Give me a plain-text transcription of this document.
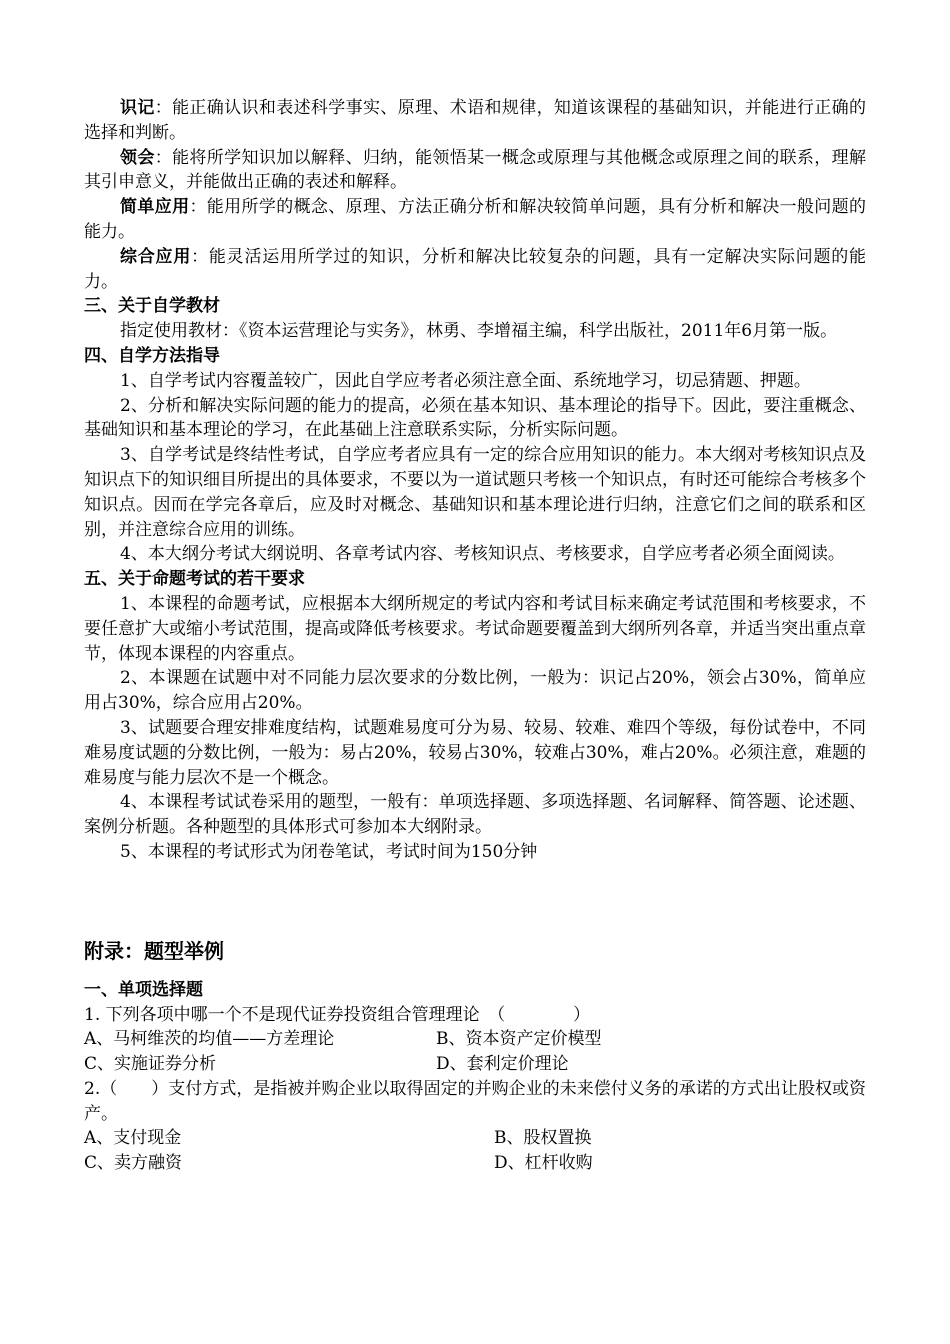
识记：能正确认识和表述科学事实、原理、术语和规律，知道该课程的基础知识，并能进行正确的选择和判断。
领会：能将所学知识加以解释、归纳，能领悟某一概念或原理与其他概念或原理之间的联系，理解其引申意义，并能做出正确的表述和解释。
简单应用：能用所学的概念、原理、方法正确分析和解决较简单问题，具有分析和解决一般问题的能力。
综合应用：能灵活运用所学过的知识，分析和解决比较复杂的问题，具有一定解决实际问题的能力。
三、关于自学教材
指定使用教材：《资本运营理论与实务》，林勇、李增福主编，科学出版社，2011年6月第一版。
四、自学方法指导
1、自学考试内容覆盖较广，因此自学应考者必须注意全面、系统地学习，切忌猜题、押题。
2、分析和解决实际问题的能力的提高，必须在基本知识、基本理论的指导下。因此，要注重概念、基础知识和基本理论的学习，在此基础上注意联系实际，分析实际问题。
3、自学考试是终结性考试，自学应考者应具有一定的综合应用知识的能力。本大纲对考核知识点及知识点下的知识细目所提出的具体要求，不要以为一道试题只考核一个知识点，有时还可能综合考核多个知识点。因而在学完各章后，应及时对概念、基础知识和基本理论进行归纳，注意它们之间的联系和区别，并注意综合应用的训练。
4、本大纲分考试大纲说明、各章考试内容、考核知识点、考核要求，自学应考者必须全面阅读。
五、关于命题考试的若干要求
1、本课程的命题考试，应根据本大纲所规定的考试内容和考试目标来确定考试范围和考核要求，不要任意扩大或缩小考试范围，提高或降低考核要求。考试命题要覆盖到大纲所列各章，并适当突出重点章节，体现本课程的内容重点。
2、本课题在试题中对不同能力层次要求的分数比例，一般为：识记占20%，领会占30%，简单应用占30%，综合应用占20%。
3、试题要合理安排难度结构，试题难易度可分为易、较易、较难、难四个等级，每份试卷中，不同难易度试题的分数比例，一般为：易占20%，较易占30%，较难占30%，难占20%。必须注意，难题的难易度与能力层次不是一个概念。
4、本课程考试试卷采用的题型，一般有：单项选择题、多项选择题、名词解释、简答题、论述题、案例分析题。各种题型的具体形式可参加本大纲附录。
5、本课程的考试形式为闭卷笔试，考试时间为150分钟
附录：题型举例
一、单项选择题
1. 下列各项中哪一个不是现代证券投资组合管理理论　（　　　　）
A、马柯维茨的均值——方差理论	B、资本资产定价模型
C、实施证券分析	D、套利定价理论
2.（　　）支付方式，是指被并购企业以取得固定的并购企业的未来偿付义务的承诺的方式出让股权或资产。
A、支付现金	B、股权置换
C、卖方融资	D、杠杆收购
